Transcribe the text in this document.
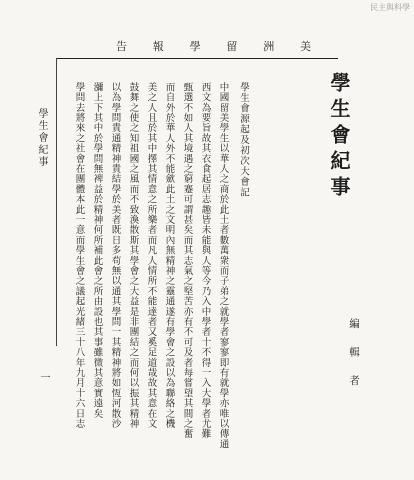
民主與科學
告 報 學 留 洲 美
學生會紀事
學生會源起及初次大會記
中國留美學生以華人之商於此土者數萬衆而子弟之就學者寥寥即有就學亦唯以傳通
西文為要旨故其衣食起居志趣皆未能與人等今乃入中學者十不得一入大學者尤難
甄選不如人其境遇之窮蹇可謂甚矣而其志氣之堅苦亦有不可及者每嘗望其間之奮
而自外於華人外不能歛此土之文明內無精神之靈通遂有學會之設以為聯絡之機
美之人且於其中擇其情意之所樂者而凡人情所不能達者又奚足道哉故其意在文
鼓舞之使之知祖國之風而不致渙散斯其學會之大益是非團結之而何以振其精神
以為學問貴通精神貴結學於美者既日多苟無以通其學問一其精神將如恆河散沙
瀰上下其中於學問無裨益於精神何所補此會之所由設也其事雖微其意實遠矣
學問去將來之社會在團體本此一意而學生會之議起光緒三十八年九月十六日志	編 輯 者
學生會紀事
一
